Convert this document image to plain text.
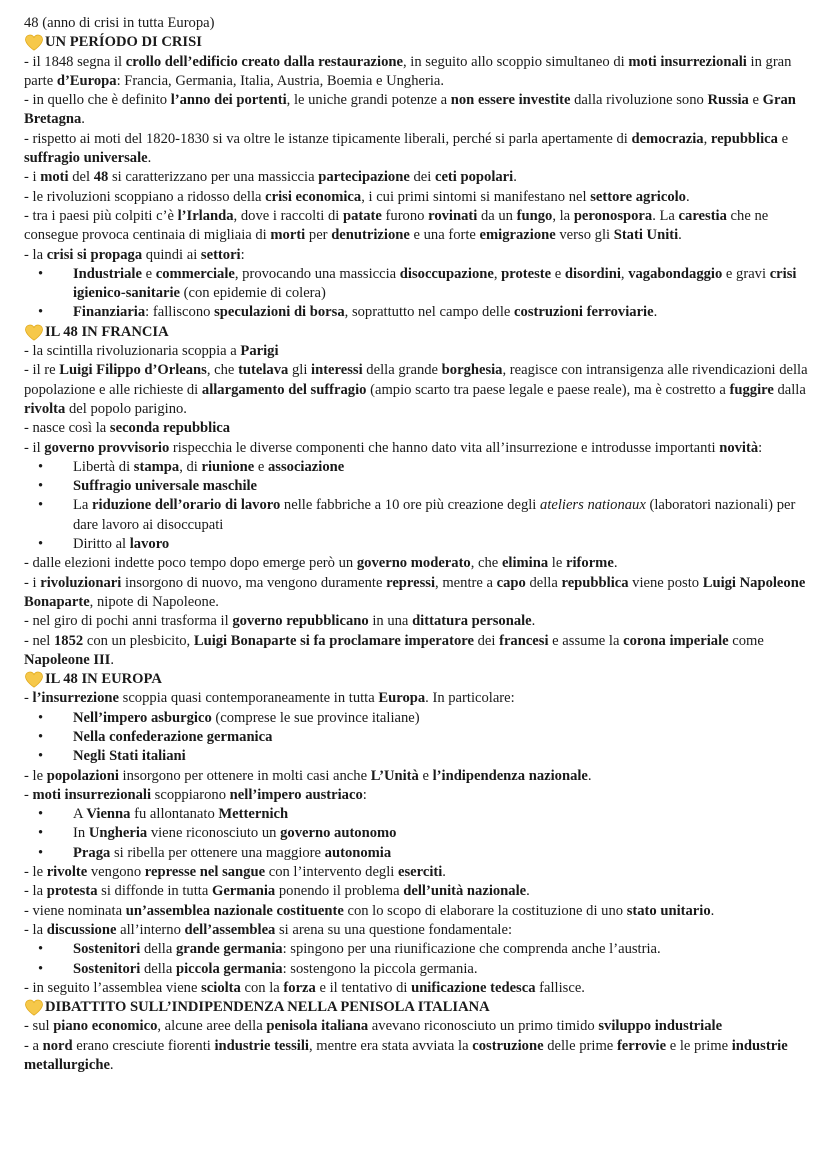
48 (anno di crisi in tutta Europa)
UN PERÍODO DI CRISI
- il 1848 segna il crollo dell’edificio creato dalla restaurazione, in seguito allo scoppio simultaneo di moti insurrezionali in gran parte d’Europa: Francia, Germania, Italia, Austria, Boemia e Ungheria.
- in quello che è definito l’anno dei portenti, le uniche grandi potenze a non essere investite dalla rivoluzione sono Russia e Gran Bretagna.
- rispetto ai moti del 1820-1830 si va oltre le istanze tipicamente liberali, perché si parla apertamente di democrazia, repubblica e suffragio universale.
- i moti del 48 si caratterizzano per una massiccia partecipazione dei ceti popolari.
- le rivoluzioni scoppiano a ridosso della crisi economica, i cui primi sintomi si manifestano nel settore agricolo.
- tra i paesi più colpiti c’è l’Irlanda, dove i raccolti di patate furono rovinati da un fungo, la peronospora. La carestia che ne consegue provoca centinaia di migliaia di morti per denutrizione e una forte emigrazione verso gli Stati Uniti.
- la crisi si propaga quindi ai settori:
•	Industriale e commerciale, provocando una massiccia disoccupazione, proteste e disordini, vagabondaggio e gravi crisi igienico-sanitarie (con epidemie di colera)
•	Finanziaria: falliscono speculazioni di borsa, soprattutto nel campo delle costruzioni ferroviarie.
IL 48 IN FRANCIA
- la scintilla rivoluzionaria scoppia a Parigi
- il re Luigi Filippo d’Orleans, che tutelava gli interessi della grande borghesia, reagisce con intransigenza alle rivendicazioni della popolazione e alle richieste di allargamento del suffragio (ampio scarto tra paese legale e paese reale), ma è costretto a fuggire dalla rivolta del popolo parigino.
- nasce così la seconda repubblica
- il governo provvisorio rispecchia le diverse componenti che hanno dato vita all’insurrezione e introdusse importanti novità:
•	Libertà di stampa, di riunione e associazione
•	Suffragio universale maschile
•	La riduzione dell’orario di lavoro nelle fabbriche a 10 ore più creazione degli ateliers nationaux (laboratori nazionali) per dare lavoro ai disoccupati
•	Diritto al lavoro
- dalle elezioni indette poco tempo dopo emerge però un governo moderato, che elimina le riforme.
- i rivoluzionari insorgono di nuovo, ma vengono duramente repressi, mentre a capo della repubblica viene posto Luigi Napoleone Bonaparte, nipote di Napoleone.
- nel giro di pochi anni trasforma il governo repubblicano in una dittatura personale.
- nel 1852 con un plesbicito, Luigi Bonaparte si fa proclamare imperatore dei francesi e assume la corona imperiale come Napoleone III.
IL 48 IN EUROPA
- l’insurrezione scoppia quasi contemporaneamente in tutta Europa. In particolare:
•	Nell’impero asburgico (comprese le sue province italiane)
•	Nella confederazione germanica
•	Negli Stati italiani
- le popolazioni insorgono per ottenere in molti casi anche L’Unità e l’indipendenza nazionale.
- moti insurrezionali scoppiarono nell’impero austriaco:
•	A Vienna fu allontanato Metternich
•	In Ungheria viene riconosciuto un governo autonomo
•	Praga si ribella per ottenere una maggiore autonomia
- le rivolte vengono represse nel sangue con l’intervento degli eserciti.
- la protesta si diffonde in tutta Germania ponendo il problema dell’unità nazionale.
- viene nominata un’assemblea nazionale costituente con lo scopo di elaborare la costituzione di uno stato unitario.
- la discussione all’interno dell’assemblea si arena su una questione fondamentale:
•	Sostenitori della grande germania: spingono per una riunificazione che comprenda anche l’austria.
•	Sostenitori della piccola germania: sostengono la piccola germania.
- in seguito l’assemblea viene sciolta con la forza e il tentativo di unificazione tedesca fallisce.
DIBATTITO SULL’INDIPENDENZA NELLA PENISOLA ITALIANA
- sul piano economico, alcune aree della penisola italiana avevano riconosciuto un primo timido sviluppo industriale
- a nord erano cresciute fiorenti industrie tessili, mentre era stata avviata la costruzione delle prime ferrovie e le prime industrie metallurgiche.
